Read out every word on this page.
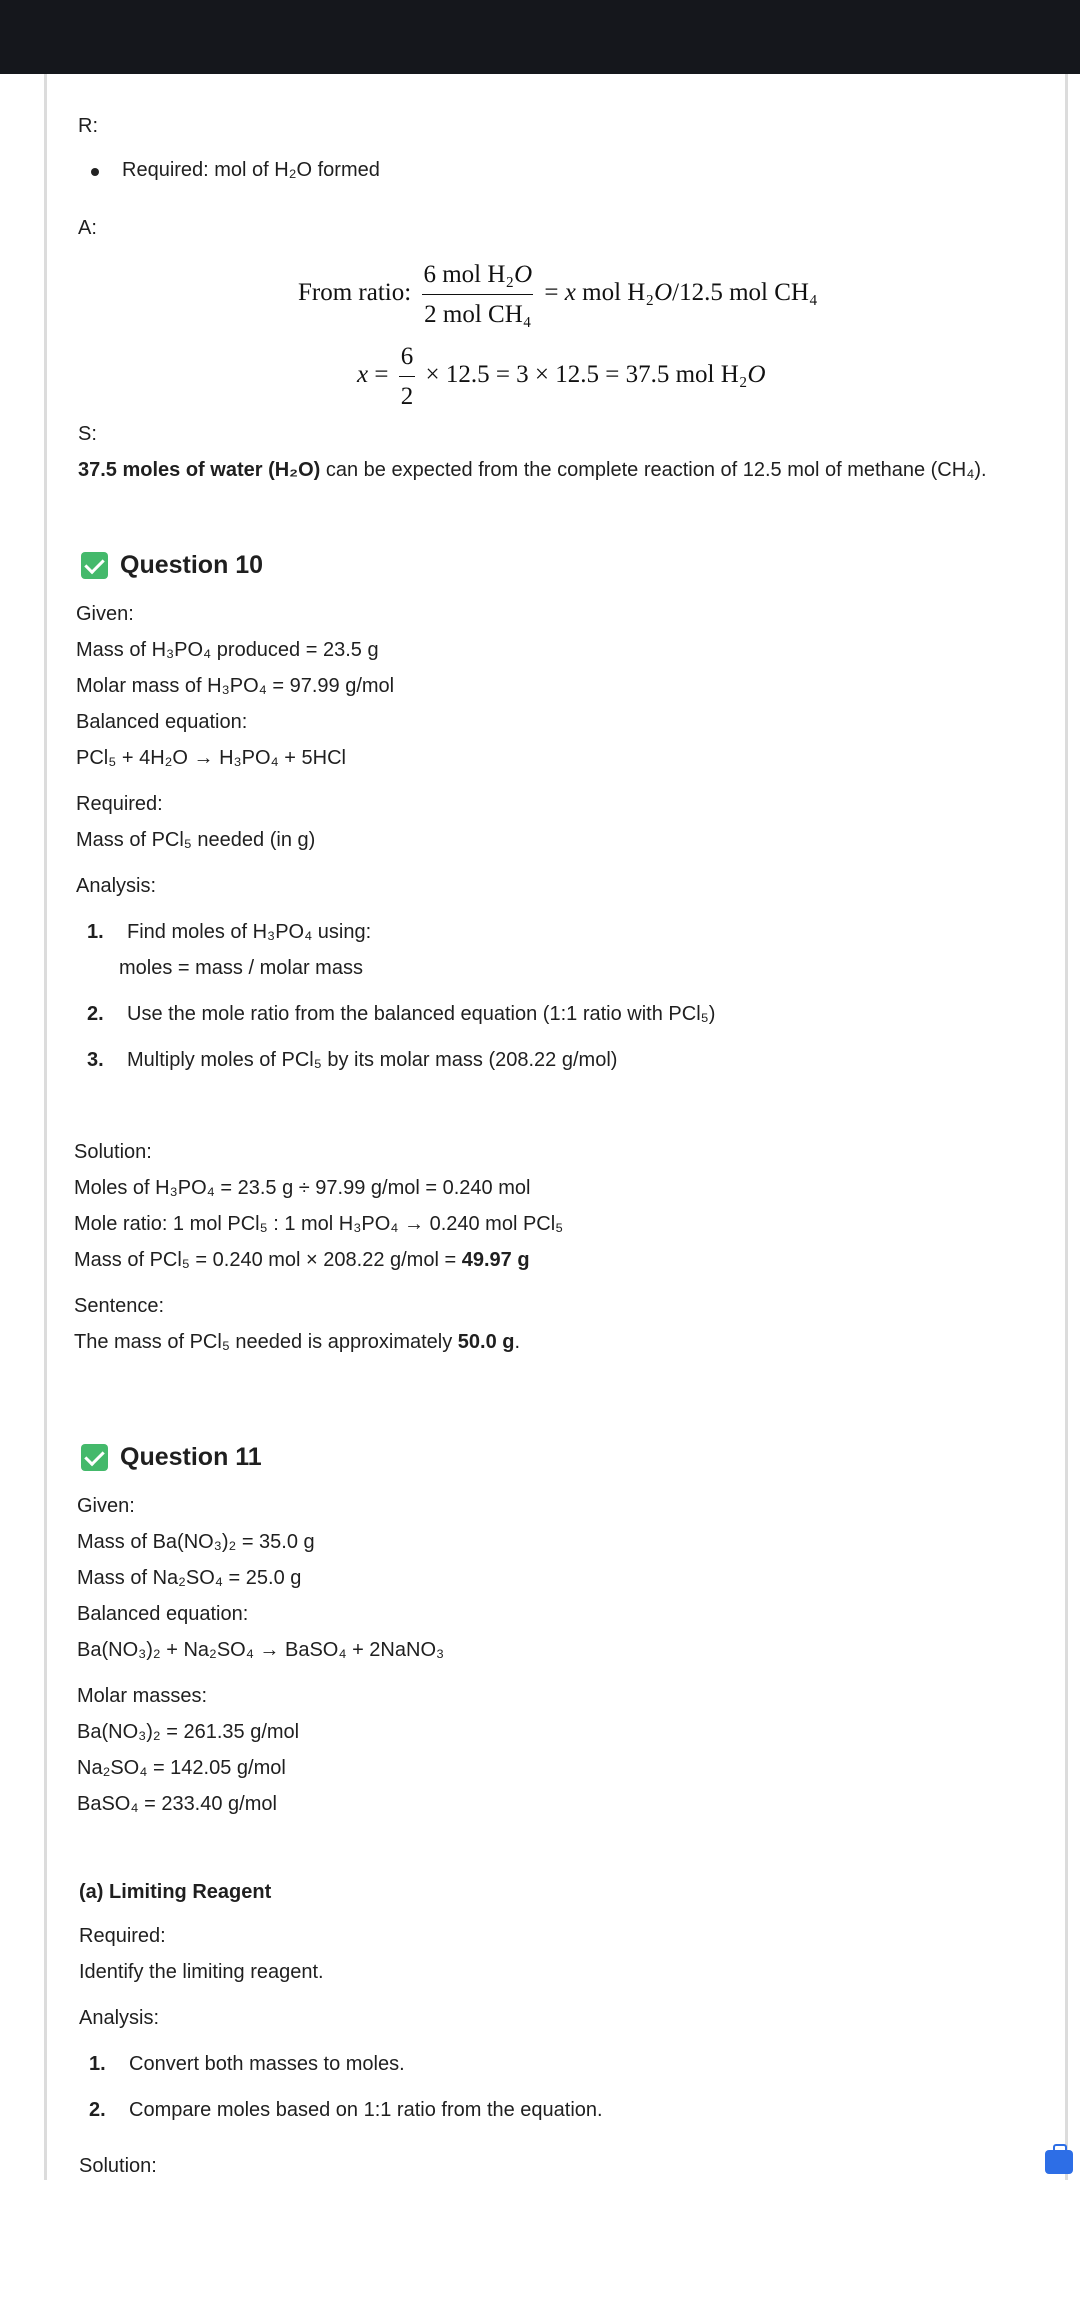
R:
Required: mol of H₂O formed
A:
From ratio: $\frac{\text{6 mol H₂O}}{\text{2 mol CH₄}} = x$ mol H₂O/12.5 mol CH₄
$x = \frac{6}{2} \times 12.5 = 3 \times 12.5 = 37.5$ mol H₂O
S:
37.5 moles of water (H₂O) can be expected from the complete reaction of 12.5 mol of methane (CH₄).
Question 10
Given:
Mass of H₃PO₄ produced = 23.5 g
Molar mass of H₃PO₄ = 97.99 g/mol
Balanced equation:
PCl₅ + 4H₂O → H₃PO₄ + 5HCl
Required:
Mass of PCl₅ needed (in g)
Analysis:
1. Find moles of H₃PO₄ using:
moles = mass / molar mass
2. Use the mole ratio from the balanced equation (1:1 ratio with PCl₅)
3. Multiply moles of PCl₅ by its molar mass (208.22 g/mol)
Solution:
Moles of H₃PO₄ = 23.5 g ÷ 97.99 g/mol = 0.240 mol
Mole ratio: 1 mol PCl₅ : 1 mol H₃PO₄ → 0.240 mol PCl₅
Mass of PCl₅ = 0.240 mol × 208.22 g/mol = 49.97 g
Sentence:
The mass of PCl₅ needed is approximately 50.0 g.
Question 11
Given:
Mass of Ba(NO₃)₂ = 35.0 g
Mass of Na₂SO₄ = 25.0 g
Balanced equation:
Ba(NO₃)₂ + Na₂SO₄ → BaSO₄ + 2NaNO₃
Molar masses:
Ba(NO₃)₂ = 261.35 g/mol
Na₂SO₄ = 142.05 g/mol
BaSO₄ = 233.40 g/mol
(a) Limiting Reagent
Required:
Identify the limiting reagent.
Analysis:
1. Convert both masses to moles.
2. Compare moles based on 1:1 ratio from the equation.
Solution:
